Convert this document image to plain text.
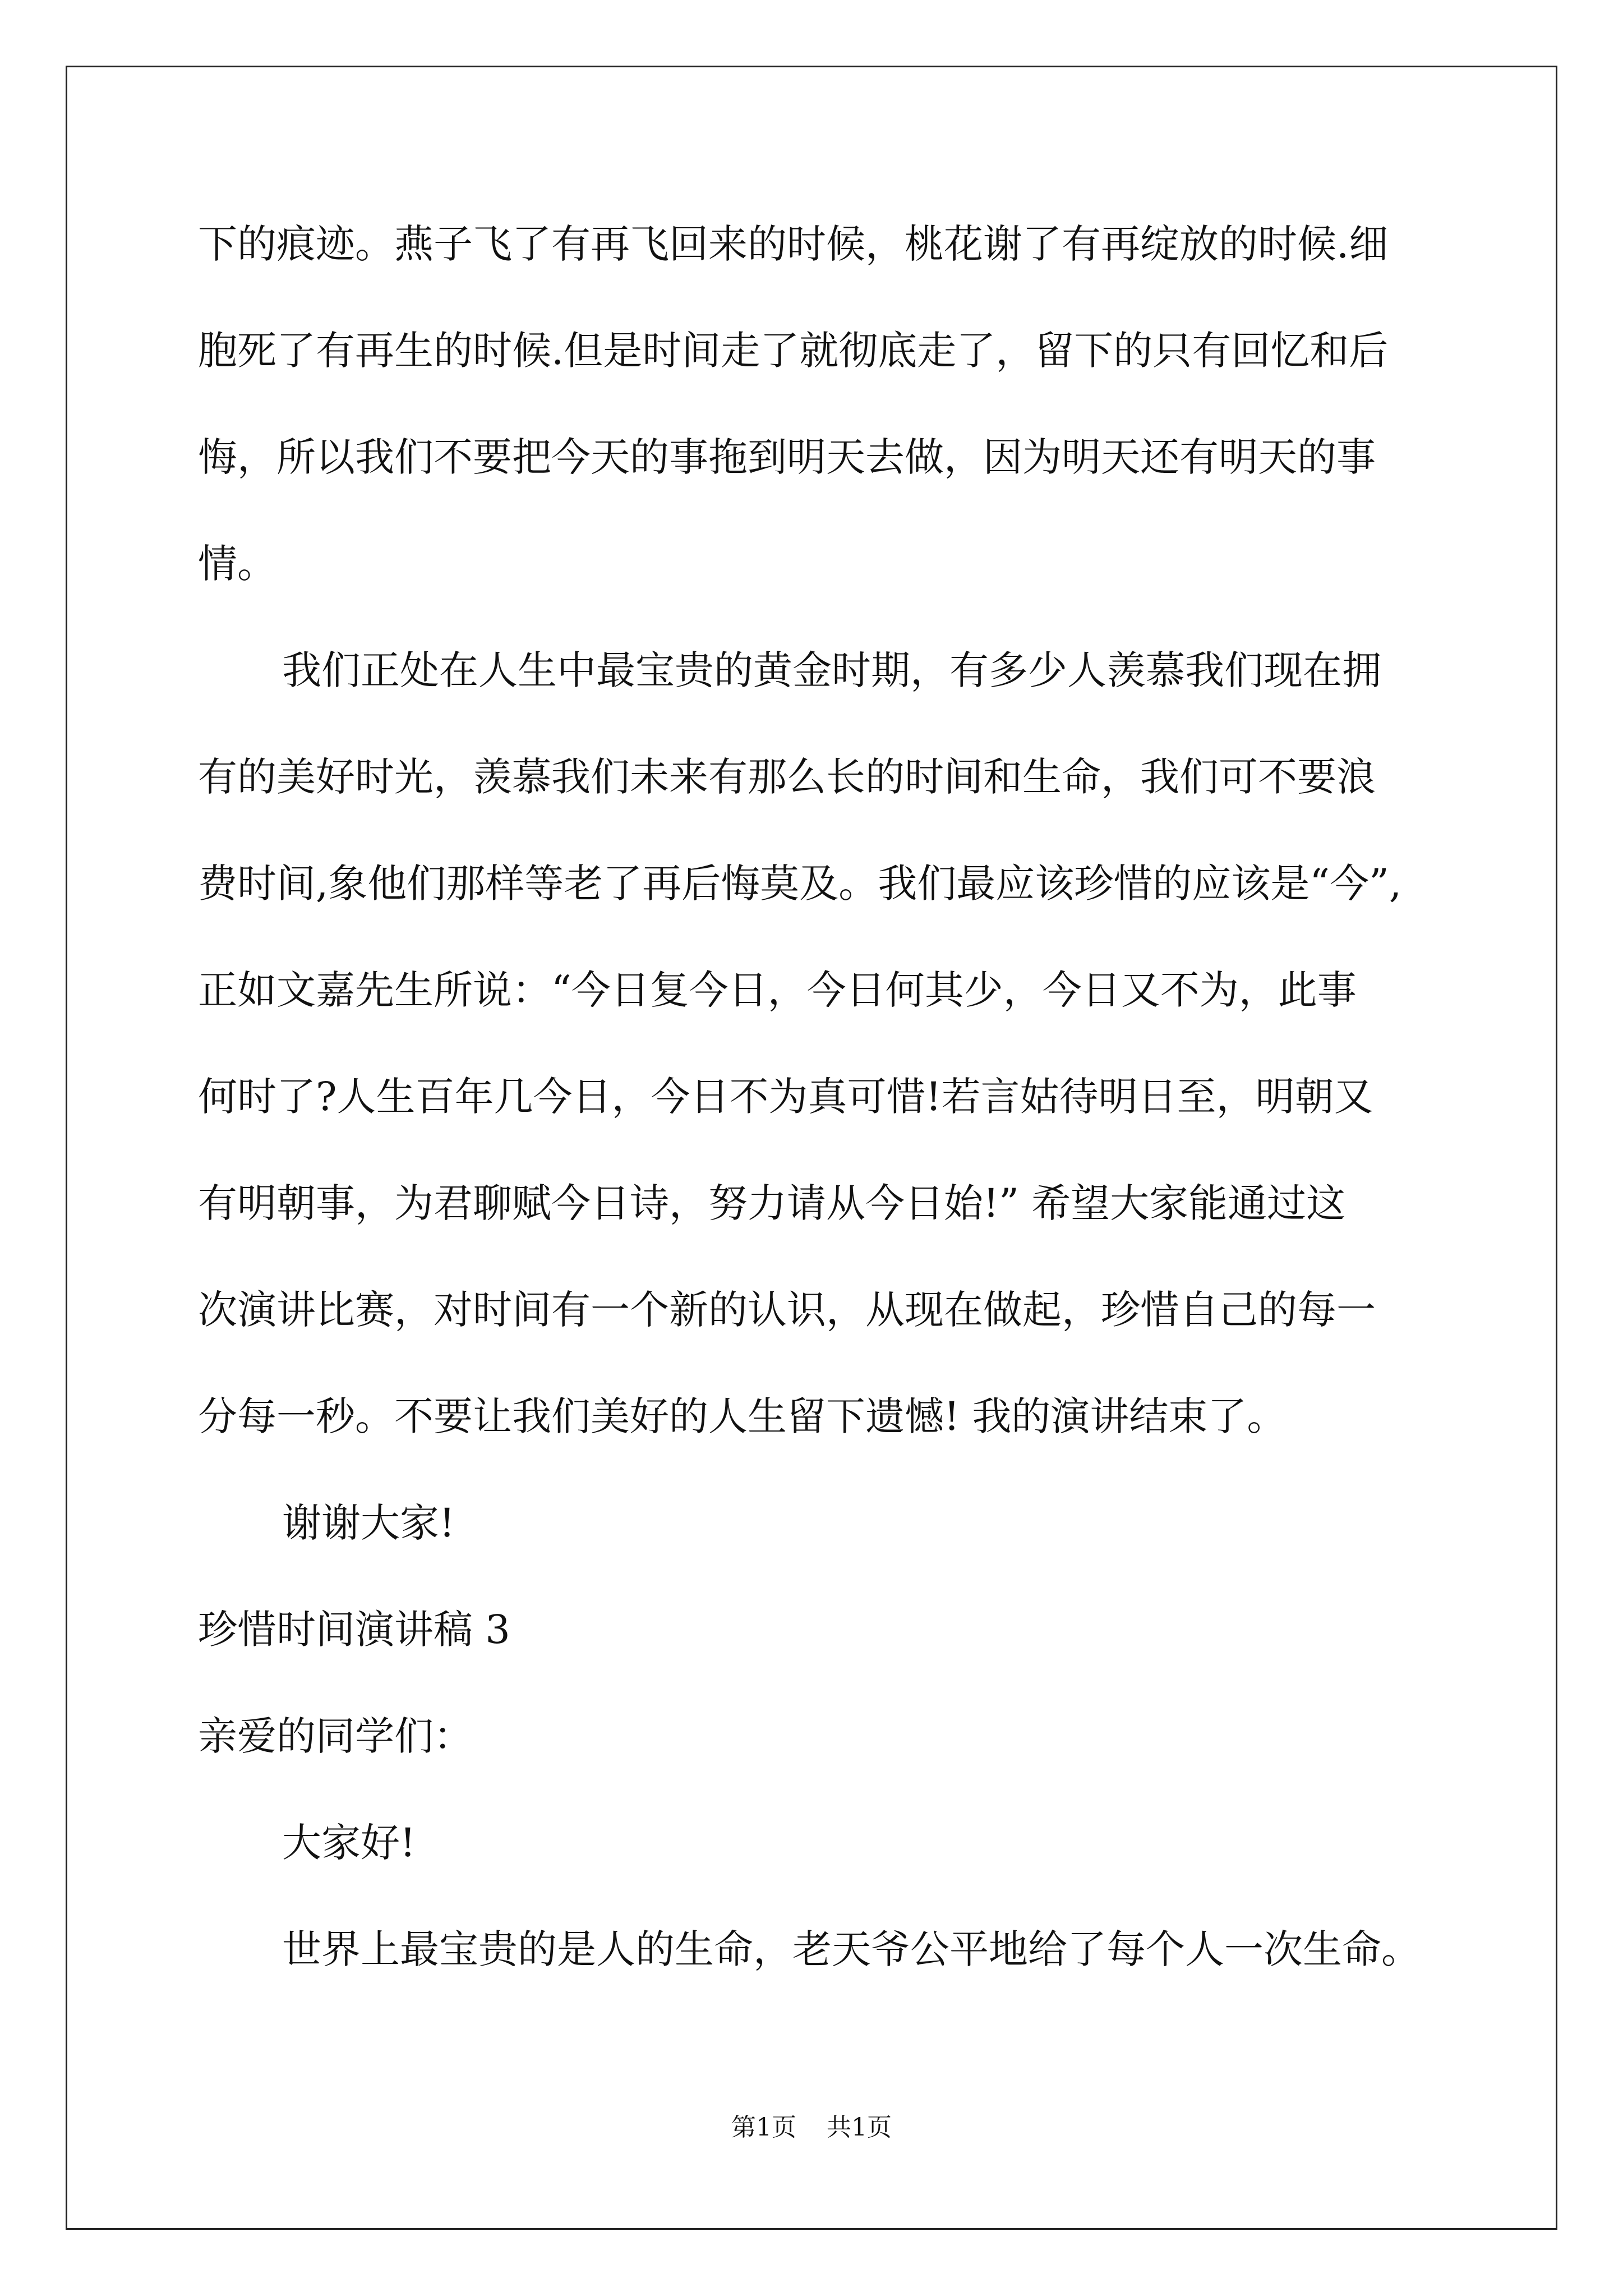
下的痕迹。燕子飞了有再飞回来的时候，桃花谢了有再绽放的时候.细
胞死了有再生的时候.但是时间走了就彻底走了，留下的只有回忆和后
悔，所以我们不要把今天的事拖到明天去做，因为明天还有明天的事
情。
我们正处在人生中最宝贵的黄金时期，有多少人羡慕我们现在拥
有的美好时光，羡慕我们未来有那么长的时间和生命，我们可不要浪
费时间,象他们那样等老了再后悔莫及。我们最应该珍惜的应该是“今”,
正如文嘉先生所说：“今日复今日，今日何其少，今日又不为，此事
何时了?人生百年几今日，今日不为真可惜!若言姑待明日至，明朝又
有明朝事，为君聊赋今日诗，努力请从今日始!” 希望大家能通过这
次演讲比赛，对时间有一个新的认识，从现在做起，珍惜自己的每一
分每一秒。不要让我们美好的人生留下遗憾! 我的演讲结束了。
谢谢大家!
珍惜时间演讲稿 3
亲爱的同学们：
大家好!
世界上最宝贵的是人的生命，老天爷公平地给了每个人一次生命。
第1页 共1页
